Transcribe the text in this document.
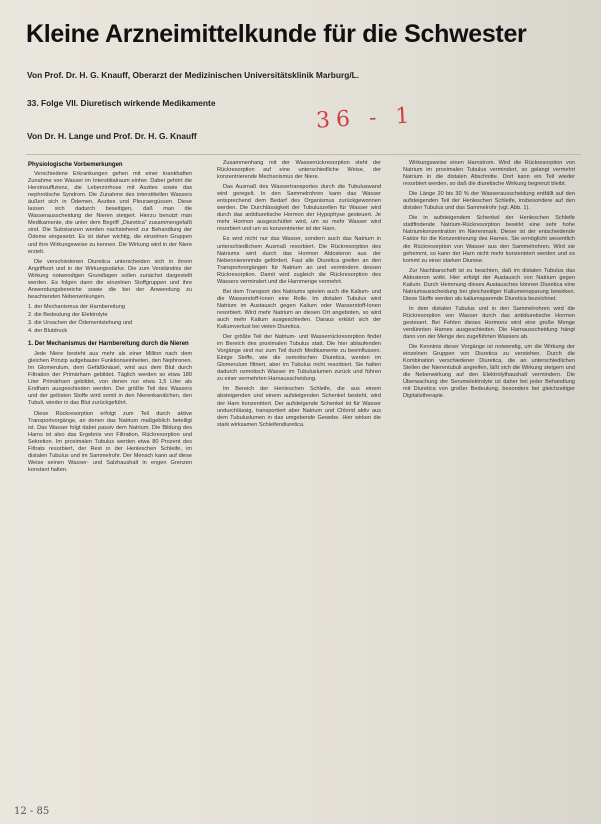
Kleine Arzneimittelkunde für die Schwester
Von Prof. Dr. H. G. Knauff, Oberarzt der Medizinischen Universitätsklinik Marburg/L.
33. Folge VII. Diuretisch wirkende Medikamente
Von Dr. H. Lange und Prof. Dr. H. G. Knauff
36 - 1
Physiologische Vorbemerkungen

Verschiedene Erkrankungen gehen mit einer krankhaften Zunahme von Wasser im Interstitialraum einher. Dabei gehört die Herzinsuffizienz, die Leberzirrhose mit Aszites sowie das nephrotische Syndrom. Die Zunahme des interstitiellen Wassers äußert sich in Ödemen, Aszites und Pleuraergüssen. Diese lassen sich dadurch beseitigen, daß man die Wasserausscheidung der Nieren steigert. Hierzu benutzt man Medikamente, die unter dem Begriff „Diuretica“ zusammengefaßt sind. Die Substanzen werden nachstehend zur Behandlung der Ödeme eingesetzt. Es ist daher wichtig, die einzelnen Gruppen und ihre Wirkungsweise zu kennen. Die Wirkung wird in der Niere erzielt.

Die verschiedenen Diuretica unterscheiden sich in ihrem Angriffsort und in der Wirkungsstärke. Die zum Verständnis der Wirkung notwendigen Grundlagen sollen zunächst dargestellt werden. Es folgen dann die einzelnen Stoffgruppen und ihre Anwendungsbereiche sowie die bei der Anwendung zu beachtenden Nebenwirkungen.

1. der Mechanismus der Harnbereitung
2. die Bedeutung der Elektrolyte
3. die Ursachen der Ödementstehung und
4. der Blutdruck
1. Der Mechanismus der Harnbereitung durch die Nieren

Jede Niere besteht aus mehr als einer Million nach dem gleichen Prinzip aufgebauter Funktionseinheiten, den Nephronen. Im Glomerulum, dem Gefäßknäuel, wird aus dem Blut durch Filtration der Primärharn gebildet. Täglich werden so etwa 180 Liter Primärharn gebildet, von denen nur etwa 1,5 Liter als Endharn ausgeschieden werden. Der größte Teil des Wassers und der gelösten Stoffe wird somit in den Nierenkanälchen, den Tubuli, wieder in das Blut zurückgeführt.

Diese Rückresorption erfolgt zum Teil durch aktive Transportvorgänge, an denen das Natrium maßgeblich beteiligt ist. Das Wasser folgt dabei passiv dem Natrium. Die Bildung des Harns ist also das Ergebnis von Filtration, Rückresorption und Sekretion. Im proximalen Tubulus werden etwa 80 Prozent des Filtrats resorbiert, der Rest in der Henleschen Schleife, im distalen Tubulus und im Sammelrohr. Der Mensch kann auf diese Weise seinen Wasser- und Salzhaushalt in engen Grenzen konstant halten.

Zusammenhang mit der Wasserrückresorption steht der Rückresorption auf eine unterschiedliche Weise, der konzentrierende Mechanismus der Niere.

Das Ausmaß des Wassertransportes durch die Tubuluswand wird geregelt. In den Sammelrohren kann das Wasser entsprechend dem Bedarf des Organismus zurückgewonnen werden. Die Durchlässigkeit der Tubuluszellen für Wasser wird durch das antidiuretische Hormon der Hypophyse gesteuert. Je mehr Hormon ausgeschüttet wird, um so mehr Wasser wird resorbiert und um so konzentrierter ist der Harn.

Es wird nicht nur das Wasser, sondern auch das Natrium in unterschiedlichem Ausmaß resorbiert. Die Rückresorption des Natriums wird durch das Hormon Aldosteron aus der Nebennierenrinde gefördert. Fast alle Diuretica greifen an den Transportvorgängen für Natrium an und vermindern dessen Rückresorption. Damit wird zugleich die Rückresorption des Wassers vermindert und die Harnmenge vermehrt.

Bei dem Transport des Natriums spielen auch die Kalium- und die Wasserstoff-Ionen eine Rolle. Im distalen Tubulus wird Natrium im Austausch gegen Kalium oder Wasserstoff-Ionen resorbiert. Wird mehr Natrium an diesen Ort angeboten, so wird auch mehr Kalium ausgeschieden. Daraus erklärt sich der Kaliumverlust bei vielen Diuretica.

Der größte Teil der Natrium- und Wasserrückresorption findet im Bereich des proximalen Tubulus statt. Die hier ablaufenden Vorgänge sind nur zum Teil durch Medikamente zu beeinflussen. Einige Stoffe, wie die osmotischen Diuretica, werden im Glomerulum filtriert, aber im Tubulus nicht resorbiert. Sie halten dadurch osmotisch Wasser im Tubuluslumen zurück und führen zu einer vermehrten Harnausscheidung.

Im Bereich der Henleschen Schleife, die aus einem absteigenden und einem aufsteigenden Schenkel besteht, wird der Harn konzentriert. Der aufsteigende Schenkel ist für Wasser undurchlässig, transportiert aber Natrium und Chlorid aktiv aus dem Tubuluslumen in das umgebende Gewebe. Hier wirken die stark wirksamen Schleifendiuretica.

Wirkungsweise einen Harnstrom. Wird die Rückresorption von Natrium im proximalen Tubulus vermindert, so gelangt vermehrt Natrium in die distalen Abschnitte. Dort kann ein Teil wieder resorbiert werden, so daß die diuretische Wirkung begrenzt bleibt.

Die Länge 20 bis 30 % der Wasserausscheidung entfällt auf den aufsteigenden Teil der Henleschen Schleife, insbesondere auf den distalen Tubulus und das Sammelrohr (vgl. Abb. 1).

Die in aufsteigendem Schenkel der Henleschen Schleife stattfindende Natrium-Rückresorption bewirkt eine sehr hohe Natriumkonzentration im Nierenmark. Dieser ist der entscheidende Faktor für die Konzentrierung des Harnes. Sie ermöglicht wesentlich die Rückresorption von Wasser aus den Sammelrohren. Wird sie gehemmt, so kann der Harn nicht mehr konzentriert werden und es kommt zu einer starken Diurese.

Zur Nachbarschaft ist zu beachten, daß im distalen Tubulus das Aldosteron wirkt. Hier erfolgt der Austausch von Natrium gegen Kalium. Durch Hemmung dieses Austausches können Diuretica eine Natriumausscheidung bei gleichzeitiger Kaliumeinsparung bewirken. Diese Stoffe werden als kaliumsparende Diuretica bezeichnet.

In dem distalen Tubulus und in den Sammelrohren wird die Rückresorption von Wasser durch das antidiuretische Hormon gesteuert. Bei Fehlen dieses Hormons wird eine große Menge verdünnten Harnes ausgeschieden. Die Harnausscheidung hängt dann von der Menge des zugeführten Wassers ab.

Die Kenntnis dieser Vorgänge ist notwendig, um die Wirkung der einzelnen Gruppen von Diuretica zu verstehen. Durch die Kombination verschiedener Diuretica, die an unterschiedlichen Stellen der Nierentubuli angreifen, läßt sich die Wirkung steigern und die Nebenwirkung auf den Elektrolythaushalt vermindern. Die Überwachung der Serumelektrolyte ist daher bei jeder Behandlung mit Diuretica von großer Bedeutung, besonders bei gleichzeitiger Digitalistherapie.

12 - 85
